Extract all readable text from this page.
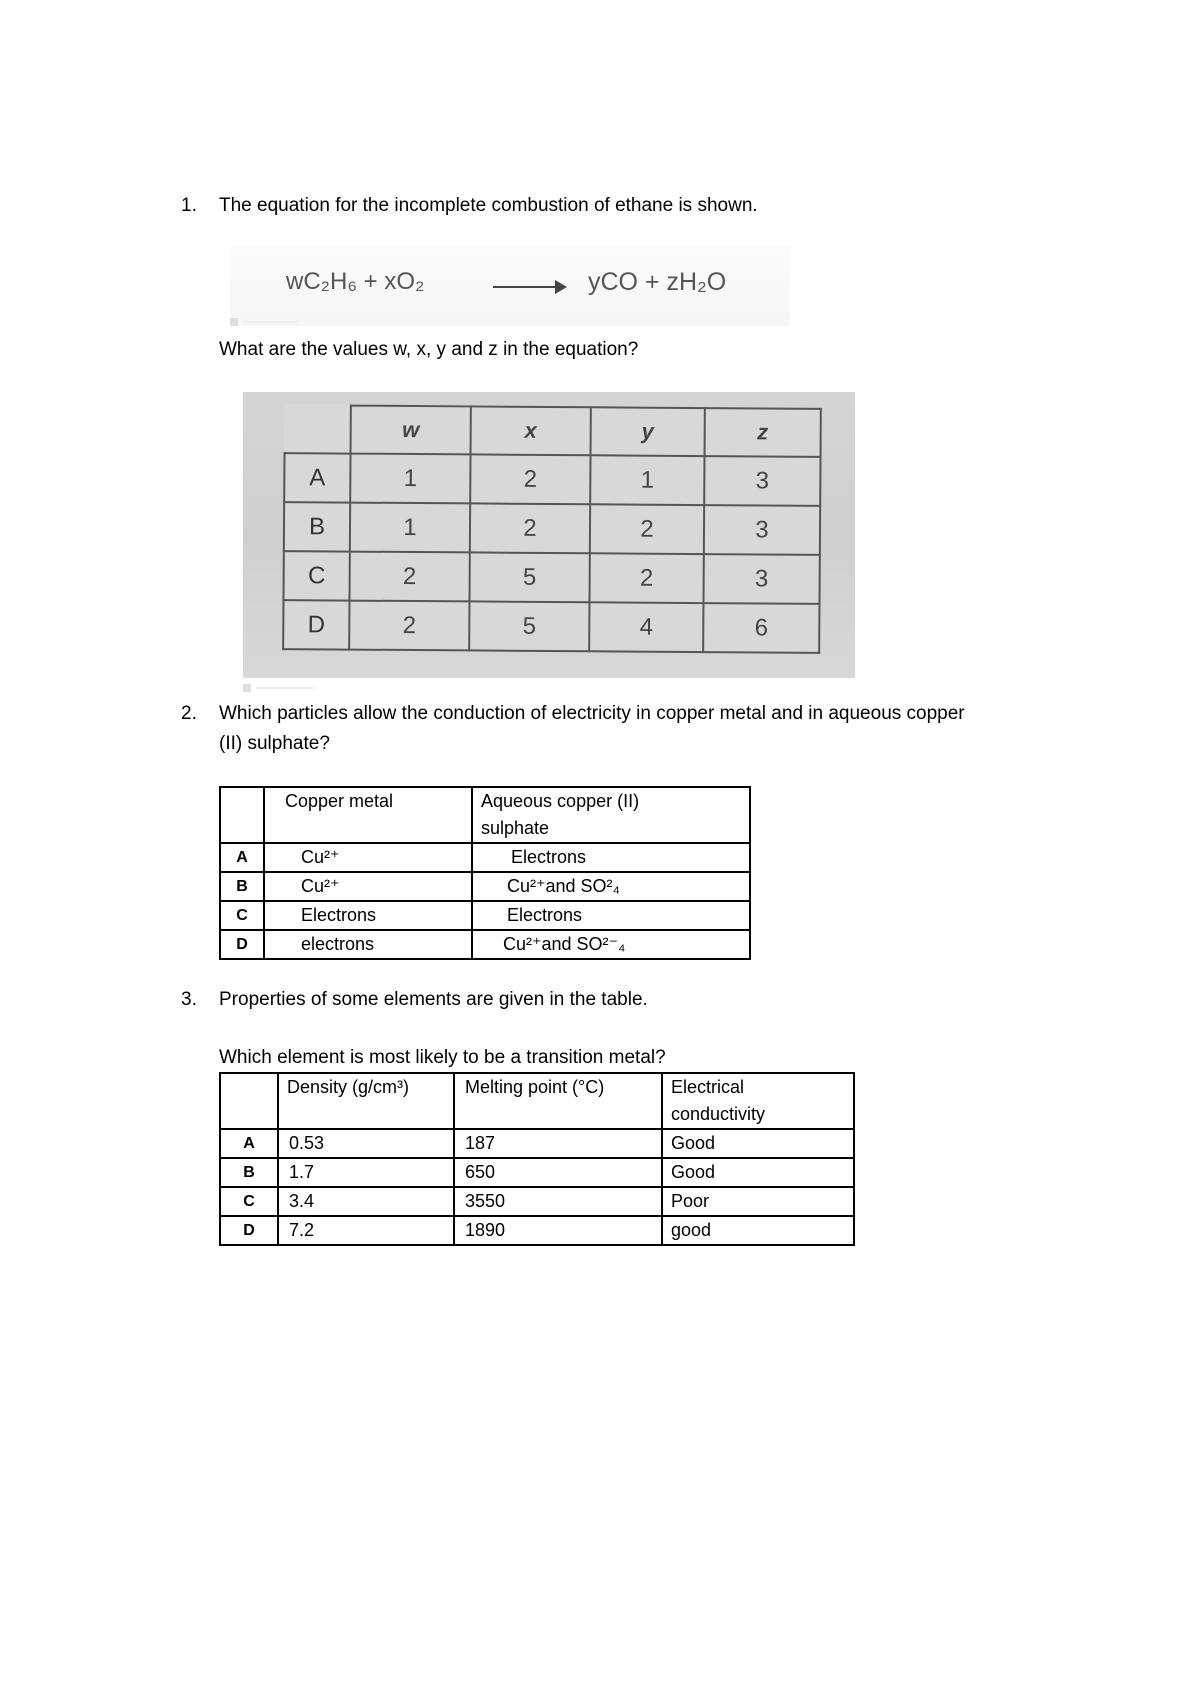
1.	The equation for the incomplete combustion of ethane is shown.
wC₂H₆ + xO₂	yCO + zH₂O
What are the values w, x, y and z in the equation?
	w	x	y	z
A	1	2	1	3
B	1	2	2	3
C	2	5	2	3
D	2	5	4	6
2.	Which particles allow the conduction of electricity in copper metal and in aqueous copper
(II) sulphate?
	Copper metal	Aqueous copper (II)
sulphate
A	Cu²⁺	Electrons
B	Cu²⁺	Cu²⁺and SO²₄
C	Electrons	Electrons
D	electrons	Cu²⁺and SO²⁻₄
3.	Properties of some elements are given in the table.
Which element is most likely to be a transition metal?
	Density (g/cm³)	Melting point (°C)	Electrical
conductivity
A	0.53	187	Good
B	1.7	650	Good
C	3.4	3550	Poor
D	7.2	1890	good
